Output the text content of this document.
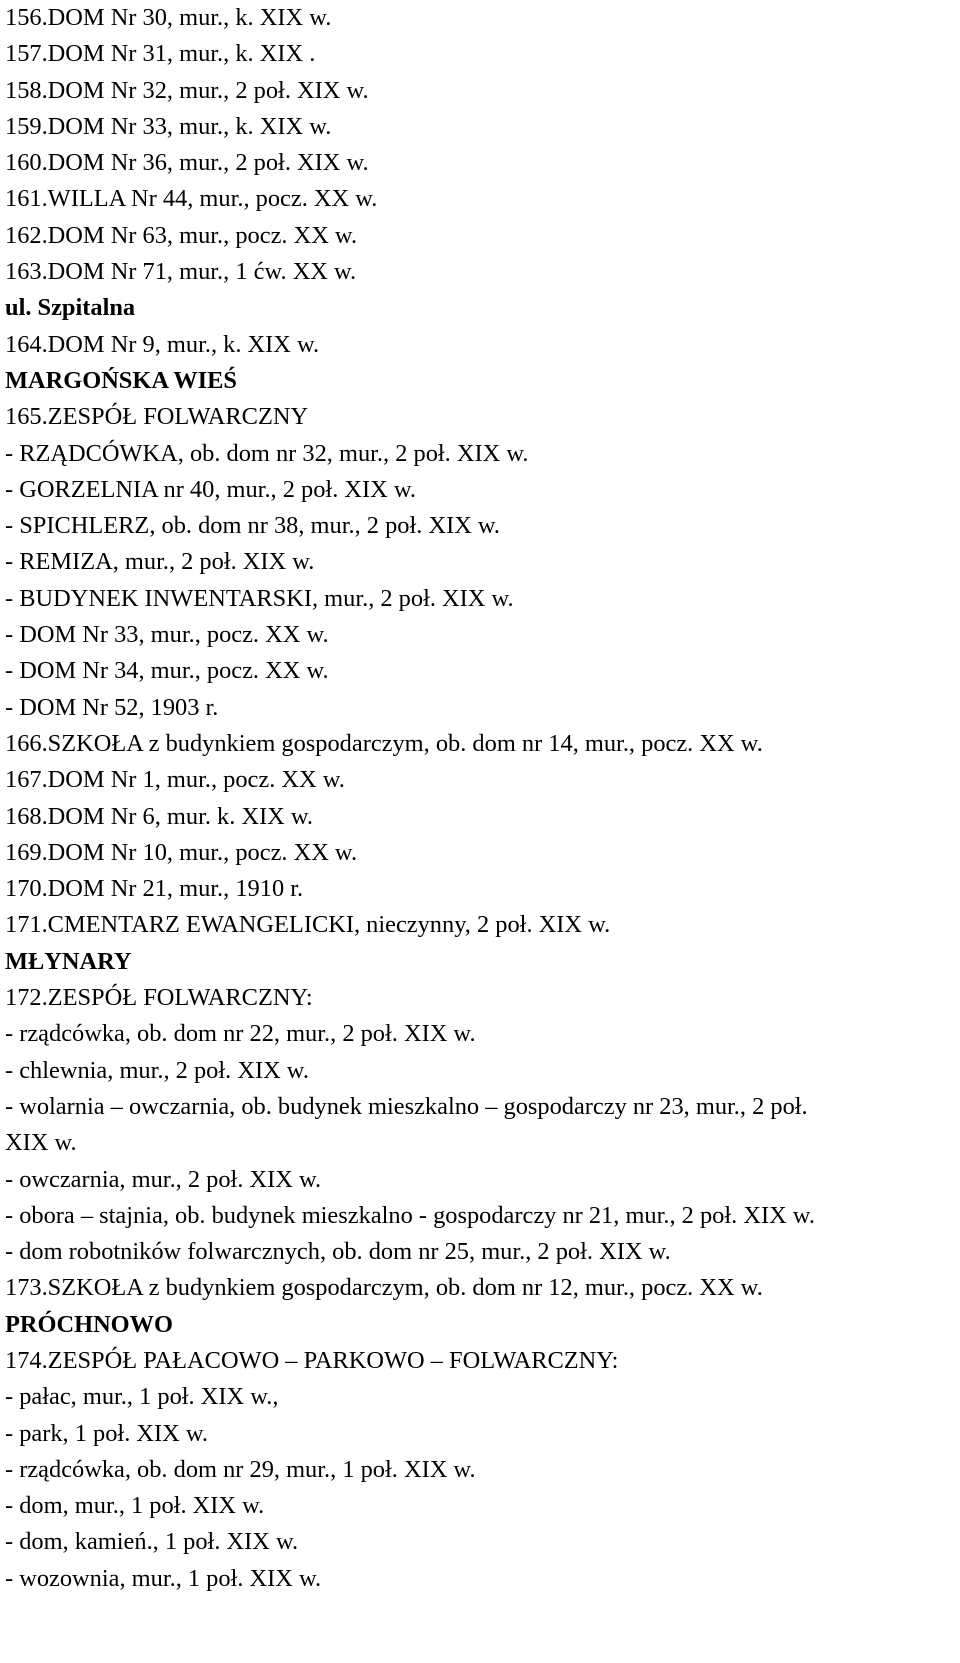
156.DOM Nr 30, mur., k. XIX w.
157.DOM Nr 31, mur., k. XIX .
158.DOM Nr 32, mur., 2 poł. XIX w.
159.DOM Nr 33, mur., k. XIX w.
160.DOM Nr 36, mur., 2 poł. XIX w.
161.WILLA Nr 44, mur., pocz. XX w.
162.DOM Nr 63, mur., pocz. XX w.
163.DOM Nr 71, mur., 1 ćw. XX w.
ul. Szpitalna
164.DOM Nr 9, mur., k. XIX w.
MARGOŃSKA WIEŚ
165.ZESPÓŁ FOLWARCZNY
- RZĄDCÓWKA, ob. dom nr 32, mur., 2 poł. XIX w.
- GORZELNIA nr 40, mur., 2 poł. XIX w.
- SPICHLERZ, ob. dom nr 38, mur., 2 poł. XIX w.
- REMIZA, mur., 2 poł. XIX w.
- BUDYNEK INWENTARSKI, mur., 2 poł. XIX w.
- DOM Nr 33, mur., pocz. XX w.
- DOM Nr 34, mur., pocz. XX w.
- DOM Nr 52, 1903 r.
166.SZKOŁA z budynkiem gospodarczym, ob. dom nr 14, mur., pocz. XX w.
167.DOM Nr 1, mur., pocz. XX w.
168.DOM Nr 6, mur. k. XIX w.
169.DOM Nr 10, mur., pocz. XX w.
170.DOM Nr 21, mur., 1910 r.
171.CMENTARZ EWANGELICKI, nieczynny, 2 poł. XIX w.
MŁYNARY
172.ZESPÓŁ FOLWARCZNY:
- rządcówka, ob. dom nr 22, mur., 2 poł. XIX w.
- chlewnia, mur., 2 poł. XIX w.
- wolarnia – owczarnia, ob. budynek mieszkalno – gospodarczy nr 23, mur., 2 poł.
XIX w.
- owczarnia, mur., 2 poł. XIX w.
- obora – stajnia, ob. budynek mieszkalno - gospodarczy nr 21, mur., 2 poł. XIX w.
- dom robotników folwarcznych, ob. dom nr 25, mur., 2 poł. XIX w.
173.SZKOŁA z budynkiem gospodarczym, ob. dom nr 12, mur., pocz. XX w.
PRÓCHNOWO
174.ZESPÓŁ PAŁACOWO – PARKOWO – FOLWARCZNY:
- pałac, mur., 1 poł. XIX w.,
- park, 1 poł. XIX w.
- rządcówka, ob. dom nr 29, mur., 1 poł. XIX w.
- dom, mur., 1 poł. XIX w.
- dom, kamień., 1 poł. XIX w.
- wozownia, mur., 1 poł. XIX w.
